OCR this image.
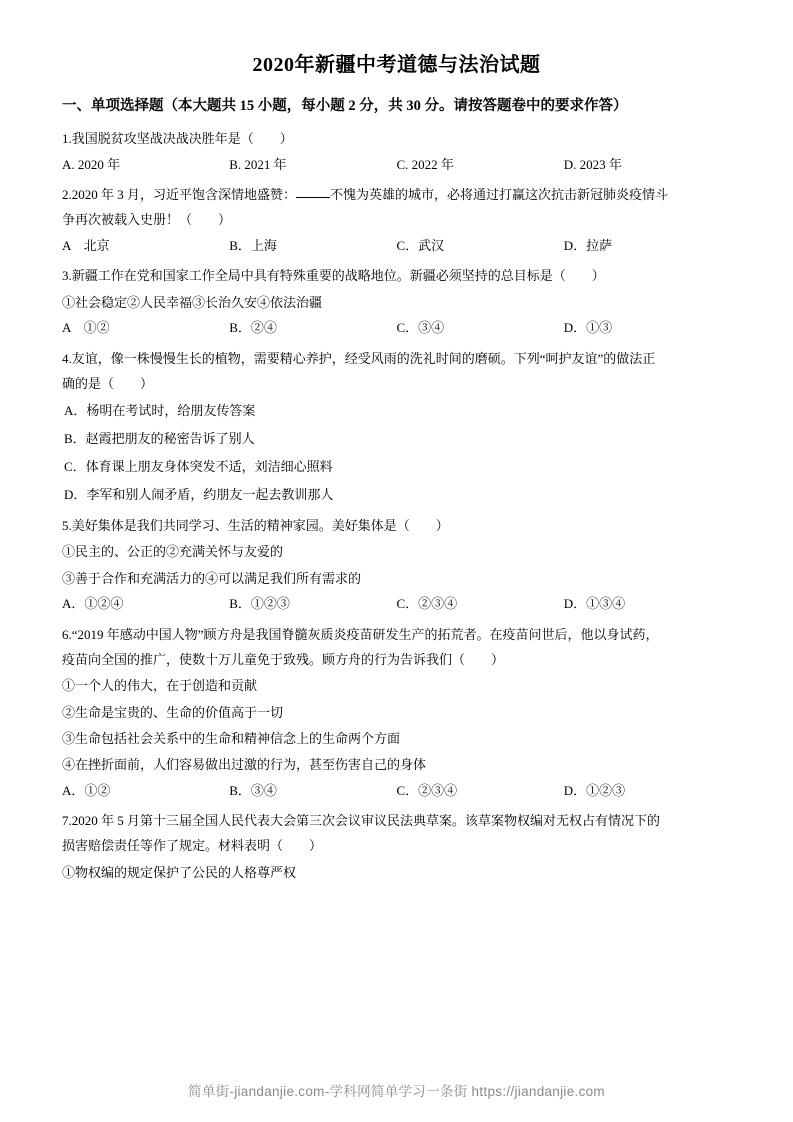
2020年新疆中考道德与法治试题
一、单项选择题（本大题共 15 小题，每小题 2 分，共 30 分。请按答题卷中的要求作答）
1.我国脱贫攻坚战决战决胜年是（　　）
A. 2020 年	B. 2021 年	C. 2022 年	D. 2023 年
2.2020 年 3 月，习近平饱含深情地盛赞：	不愧为英雄的城市，必将通过打赢这次抗击新冠肺炎疫情斗
争再次被载入史册！（　　）
A　北京	B．上海	C．武汉	D．拉萨
3.新疆工作在党和国家工作全局中具有特殊重要的战略地位。新疆必须坚持的总目标是（　　）
①社会稳定②人民幸福③长治久安④依法治疆
A　①②	B．②④	C．③④	D．①③
4.友谊，像一株慢慢生长的植物，需要精心养护，经受风雨的洗礼时间的磨硕。下列“呵护友谊”的做法正
确的是（　　）
A．杨明在考试时，给朋友传答案
B．赵霞把朋友的秘密告诉了别人
C．体育课上朋友身体突发不适，刘洁细心照料
D．李军和别人闹矛盾，约朋友一起去教训那人
5.美好集体是我们共同学习、生活的精神家园。美好集体是（　　）
①民主的、公正的②充满关怀与友爱的
③善于合作和充满活力的④可以满足我们所有需求的
A．①②④	B．①②③	C．②③④	D．①③④
6.“2019 年感动中国人物”顾方舟是我国脊髓灰质炎疫苗研发生产的拓荒者。在疫苗问世后，他以身试药，
疫苗向全国的推广，使数十万儿童免于致残。顾方舟的行为告诉我们（　　）
①一个人的伟大，在于创造和贡献
②生命是宝贵的、生命的价值高于一切
③生命包括社会关系中的生命和精神信念上的生命两个方面
④在挫折面前，人们容易做出过激的行为，甚至伤害自己的身体
A．①②	B．③④	C．②③④	D．①②③
7.2020 年 5 月第十三届全国人民代表大会第三次会议审议民法典草案。该草案物权编对无权占有情况下的
损害赔偿责任等作了规定。材料表明（　　）
①物权编的规定保护了公民的人格尊严权
简单街-jiandanjie.com-学科网简单学习一条街 https://jiandanjie.com
